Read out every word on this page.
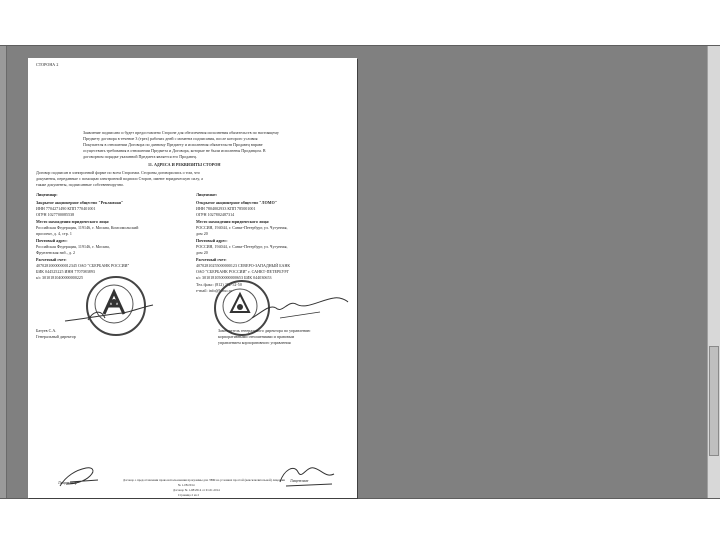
СТОРОНА 2
Заявление подписано и будет предоставлено Стороне для обеспечения исполнения обязательств по настоящему
Предмету договора в течение 3 (трех) рабочих дней с момента подписания, после которого условия
Покупателя в отношении Договора по данному Предмету и исполнения обязательств Продавец вправе
осуществить требования в отношении Предмета и Договора, которые не были исполнены Продавцом. В
договорном порядке указанной Предмета является его Продавец.
11. АДРЕСА И РЕКВИЗИТЫ СТОРОН
Договор подписан в электронной форме по всем Сторонам. Стороны договорились о том, что
документы, переданные с помощью электронной подписи Сторон, имеют юридическую силу, а
также документы, подписанные собственноручно.
Лицензиар:
Закрытое акционерное общество "Рекламная"
ИНН 7704271490 КПП 770401001
ОГРН 1027700085538
Место нахождения юридического лица:
Российская Федерация, 119146, г. Москва, Комсомольский
проспект, д. 4, стр. 1
Почтовый адрес:
Российская Федерация, 119146, г. Москва,
Фрунзенская наб., д. 2
Расчетный счет:
40702810000000012345 ОАО "СБЕРБАНК РОССИИ"
БИК 044525225 ИНН 7707083893
к/с 30101810400000000225
Батуев С.А.
Генеральный директор
Лицензиат:
Открытое акционерное общество "ЛОМО"
ИНН 7804002933 КПП 785001001
ОГРН 1027802487314
Место нахождения юридического лица:
РОССИЯ, 194044, г. Санкт-Петербург, ул. Чугунная,
дом 20
Почтовый адрес:
РОССИЯ, 194044, г. Санкт-Петербург, ул. Чугунная,
дом 20
Расчетный счет:
40702810255000000123 СЕВЕРО-ЗАПАДНЫЙ БАНК
ОАО "СБЕРБАНК РОССИИ" г. САНКТ-ПЕТЕРБУРГ
к/с 30101810500000000653 БИК 044030653
Тел./факс: (812) 292-52-50
e-mail: info@lomo.ru
Заместитель генерального директора по управлению
корпоративными отношениями и правовым
управлением корпоративного управления
Лицензиар	Лицензиат
Договор о предоставлении права использования программы для ЭВМ на условиях простой (неисключительной) лицензии
№ 1-08/2014
Договор № 1-08/2014 от 01.01.2014
Страница 2 из 2
